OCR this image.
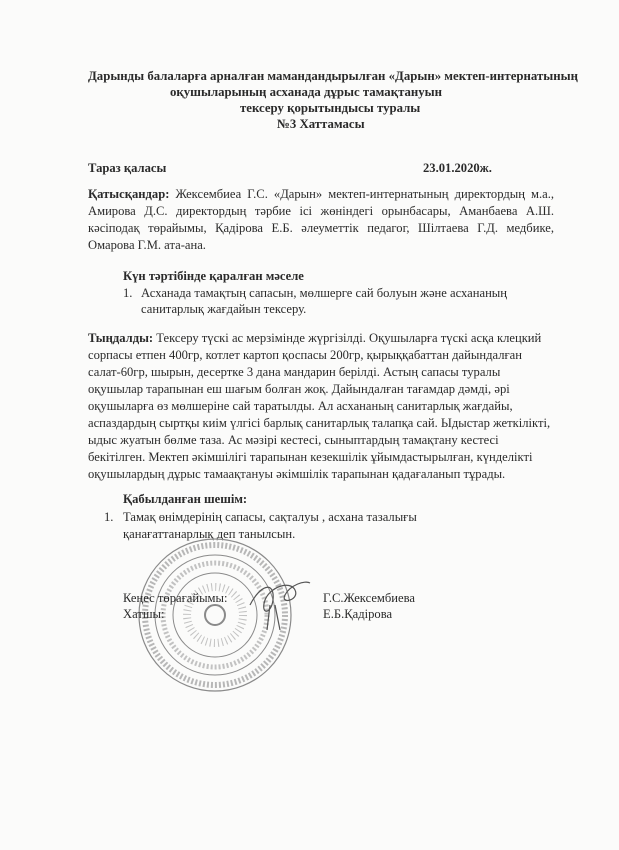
Дарынды балаларға арналған мамандандырылған «Дарын» мектеп-интернатының
оқушыларының асханада дұрыс тамақтануын
тексеру қорытындысы туралы
№3 Хаттамасы
Тараз қаласы	23.01.2020ж.
Қатысқандар: Жексембиеа Г.С. «Дарын» мектеп-интернатының директордың м.а., Амирова Д.С. директордың тәрбие ісі жөніндегі орынбасары, Аманбаева А.Ш. кәсіподақ төрайымы, Қадірова Е.Б. әлеуметтік педагог, Шілтаева Г.Д. медбике, Омарова Г.М. ата-ана.
Күн тәртібінде қаралған мәселе
1. Асханада тамақтың сапасын, мөлшерге сай болуын және асхананың санитарлық жағдайын тексеру.
Тыңдалды: Тексеру түскі ас мерзімінде жүргізілді. Оқушыларға түскі асқа клецкий сорпасы етпен 400гр, котлет картоп қоспасы 200гр, қырыққабаттан дайындалған салат-60гр, шырын, десертке 3 дана мандарин берілді. Астың сапасы туралы оқушылар тарапынан еш шағым болған жоқ. Дайындалған тағамдар дәмді, әрі оқушыларға өз мөлшеріне сай таратылды. Ал асхананың санитарлық жағдайы, аспаздардың сыртқы киім үлгісі барлық санитарлық талапқа сай. Ыдыстар жеткілікті, ыдыс жуатын бөлме таза. Ас мәзірі кестесі, сыныптардың тамақтану кестесі бекітілген. Мектеп әкімшілігі тарапынан кезекшілік ұйымдастырылған, күнделікті оқушылардың дұрыс тамаақтануы әкімшілік тарапынан қадағаланып тұрады.
Қабылданған шешім:
1. Тамақ өнімдерінің сапасы, сақталуы , асхана тазалығы қанағаттанарлық деп танылсын.
Кеңес төрағайымы:	Г.С.Жексембиева
Хатшы:	Е.Б.Қадірова
